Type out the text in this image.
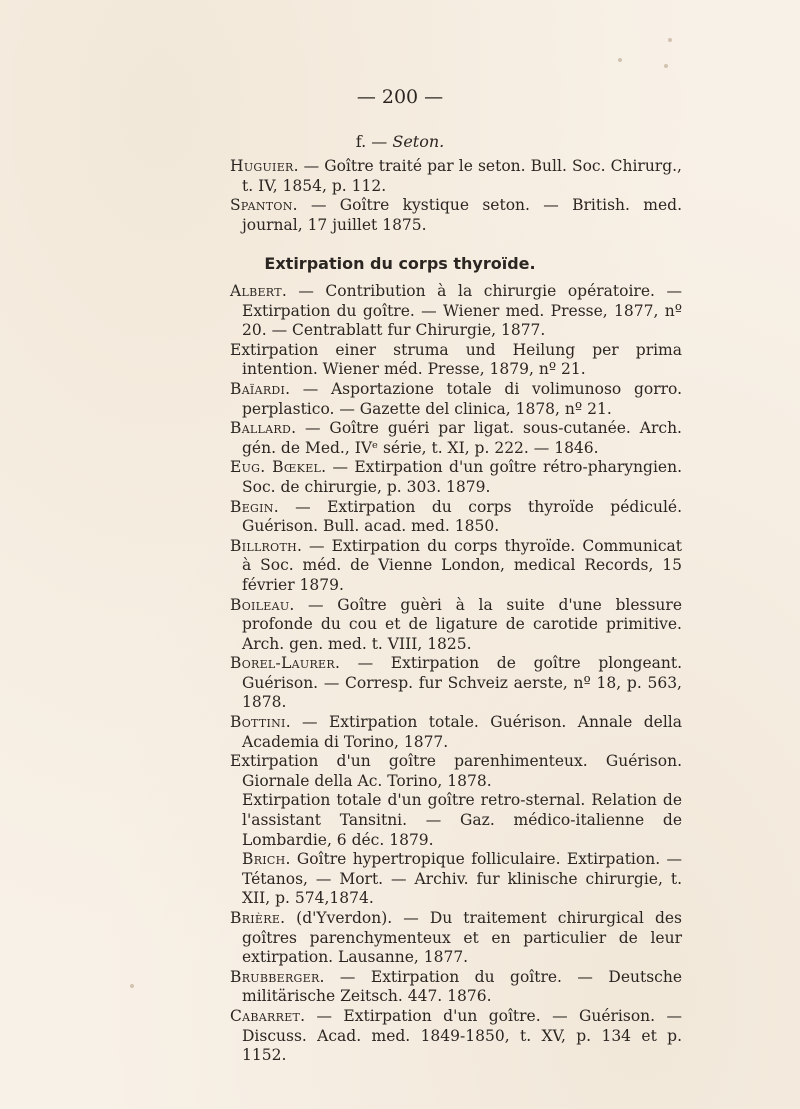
— 200 —
f. — Seton.

Huguier. — Goître traité par le seton. Bull. Soc. Chirurg., t. IV, 1854, p. 112.

Spanton. — Goître kystique seton. — British. med. journal, 17 juillet 1875.

Extirpation du corps thyroïde.

Albert. — Contribution à la chirurgie opératoire. — Extirpation du goître. — Wiener med. Presse, 1877, nº 20. — Centrablatt fur Chirurgie, 1877.

Extirpation einer struma und Heilung per prima intention. Wiener méd. Presse, 1879, nº 21.

Baïardi. — Asportazione totale di volimunoso gorro. perplastico. — Gazette del clinica, 1878, nº 21.

Ballard. — Goître guéri par ligat. sous-cutanée. Arch. gén. de Med., IVᵉ série, t. XI, p. 222. — 1846.

Eug. Bœkel. — Extirpation d'un goître rétro-pharyngien. Soc. de chirurgie, p. 303. 1879.

Begin. — Extirpation du corps thyroïde pédiculé. Guérison. Bull. acad. med. 1850.

Billroth. — Extirpation du corps thyroïde. Communicat à Soc. méd. de Vienne London, medical Records, 15 février 1879.

Boileau. — Goître guèri à la suite d'une blessure profonde du cou et de ligature de carotide primitive. Arch. gen. med. t. VIII, 1825.

Borel-Laurer. — Extirpation de goître plongeant. Guérison. — Corresp. fur Schveiz aerste, nº 18, p. 563, 1878.

Bottini. — Extirpation totale. Guérison. Annale della Academia di Torino, 1877.

Extirpation d'un goître parenhimenteux. Guérison. Giornale della Ac. Torino, 1878.

Extirpation totale d'un goître retro-sternal. Relation de l'assistant Tansitni. — Gaz. médico-italienne de Lombardie, 6 déc. 1879.

Brich. Goître hypertropique folliculaire. Extirpation. — Tétanos, — Mort. — Archiv. fur klinische chirurgie, t. XII, p. 574,1874.

Brière. (d'Yverdon). — Du traitement chirurgical des goîtres parenchymenteux et en particulier de leur extirpation. Lausanne, 1877.

Brubberger. — Extirpation du goître. — Deutsche militärische Zeitsch. 447. 1876.

Cabarret. — Extirpation d'un goître. — Guérison. — Discuss. Acad. med. 1849-1850, t. XV, p. 134 et p. 1152.
